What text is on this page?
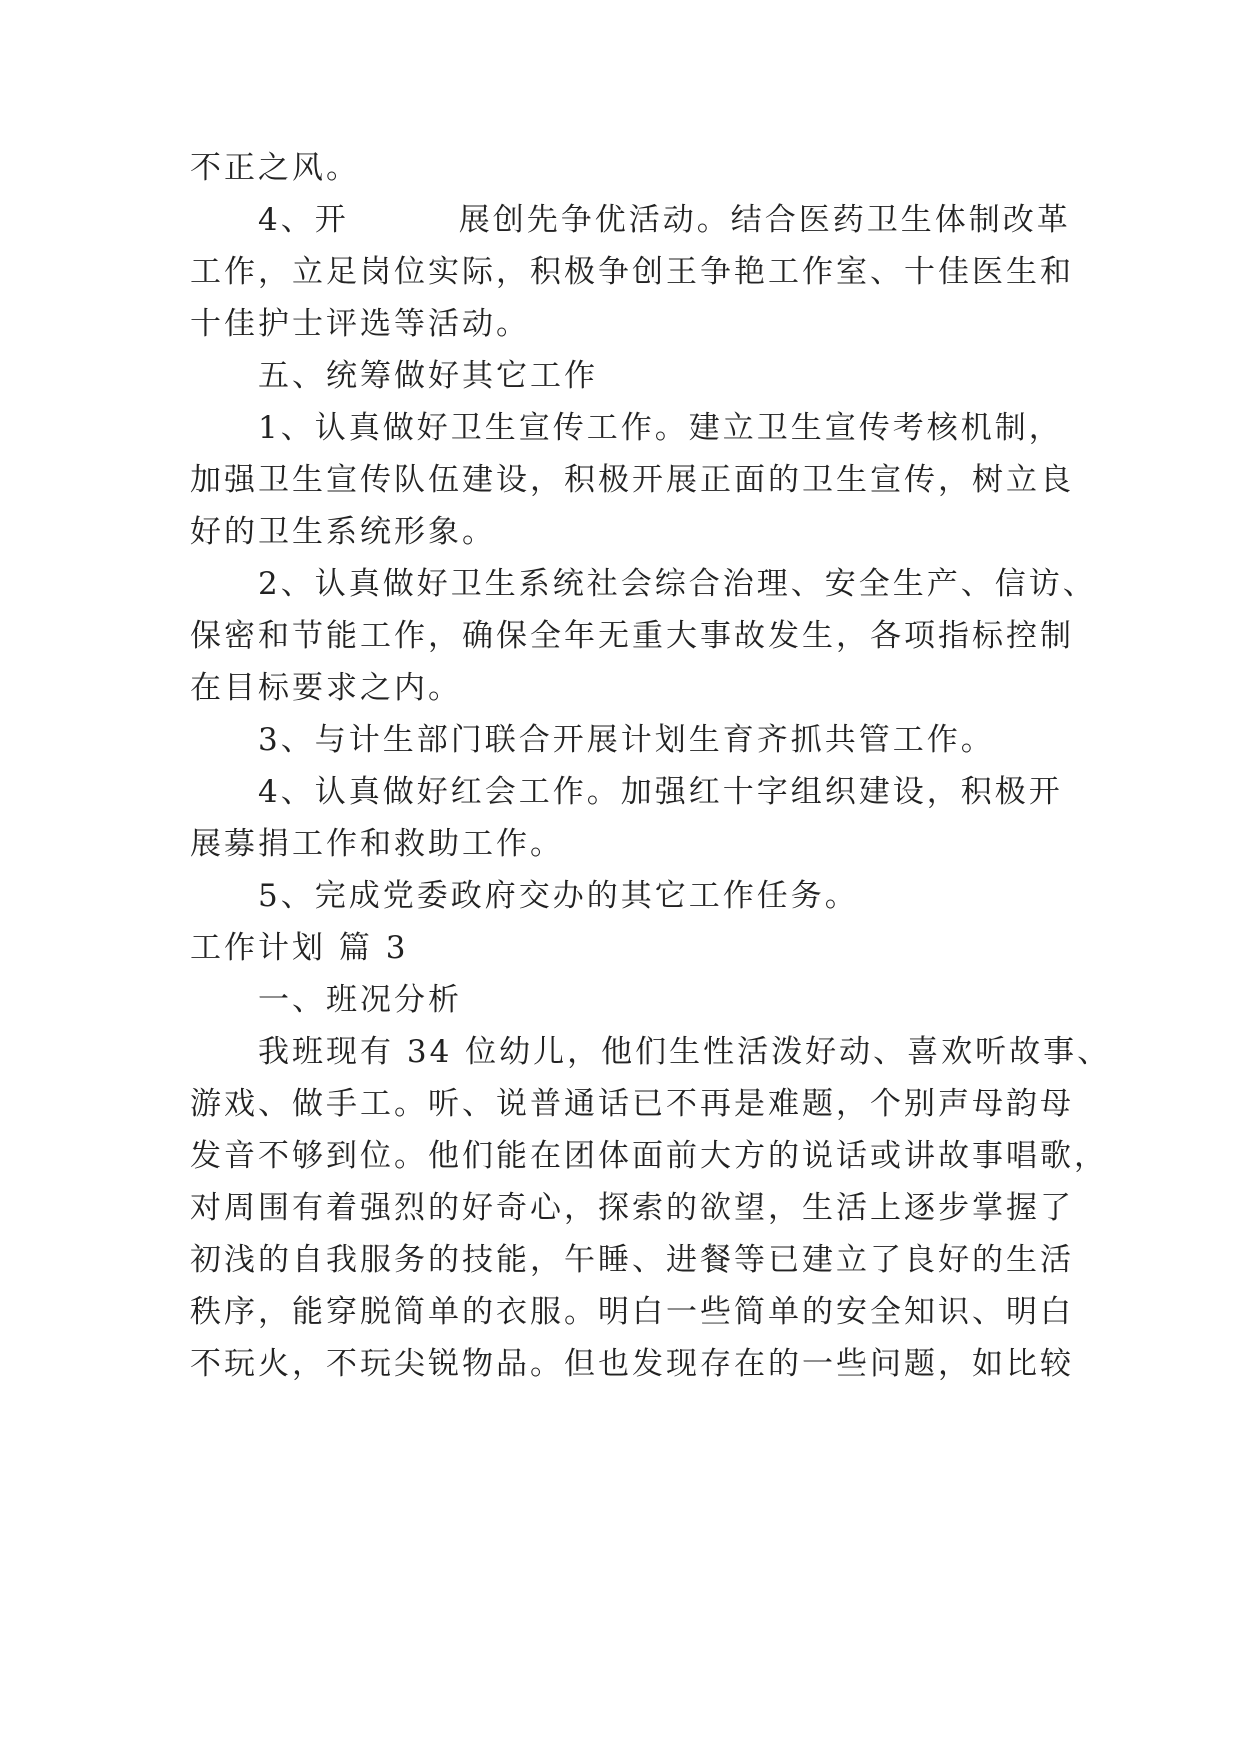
不正之风。
4、开	展创先争优活动。结合医药卫生体制改革
工作，立足岗位实际，积极争创王争艳工作室、十佳医生和
十佳护士评选等活动。
五、统筹做好其它工作
1、认真做好卫生宣传工作。建立卫生宣传考核机制，
加强卫生宣传队伍建设，积极开展正面的卫生宣传，树立良
好的卫生系统形象。
2、认真做好卫生系统社会综合治理、安全生产、信访、
保密和节能工作，确保全年无重大事故发生，各项指标控制
在目标要求之内。
3、与计生部门联合开展计划生育齐抓共管工作。
4、认真做好红会工作。加强红十字组织建设，积极开
展募捐工作和救助工作。
5、完成党委政府交办的其它工作任务。
工作计划 篇 3
一、班况分析
我班现有 34 位幼儿，他们生性活泼好动、喜欢听故事、
游戏、做手工。听、说普通话已不再是难题，个别声母韵母
发音不够到位。他们能在团体面前大方的说话或讲故事唱歌，
对周围有着强烈的好奇心，探索的欲望，生活上逐步掌握了
初浅的自我服务的技能，午睡、进餐等已建立了良好的生活
秩序，能穿脱简单的衣服。明白一些简单的安全知识、明白
不玩火，不玩尖锐物品。但也发现存在的一些问题，如比较
